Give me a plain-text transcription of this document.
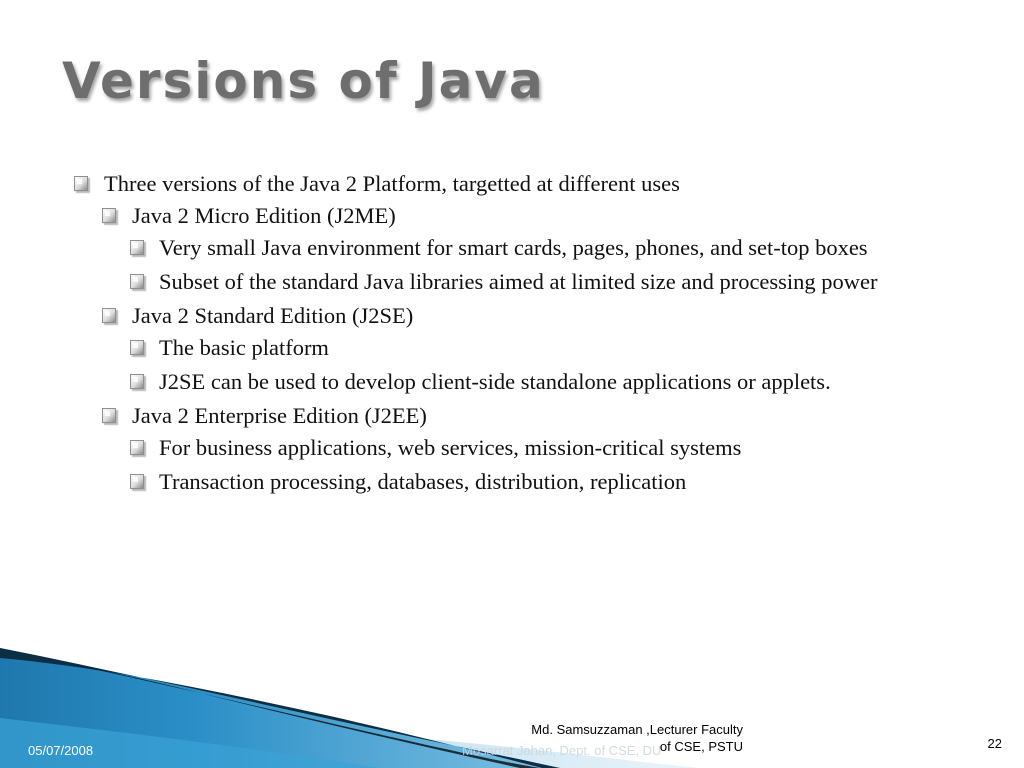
Versions of Java
Three versions of the Java 2 Platform, targetted at different uses
Java 2 Micro Edition (J2ME)
Very small Java environment for smart cards, pages, phones, and set-top boxes
Subset of the standard Java libraries aimed at limited size and processing power
Java 2 Standard Edition (J2SE)
The basic platform
J2SE can be used to develop client-side standalone applications or applets.
Java 2 Enterprise Edition (J2EE)
For business applications, web services, mission-critical systems
Transaction processing, databases, distribution, replication
05/07/2008	Mosarrat Jahan, Dept. of CSE, DU
Md. Samsuzzaman ,Lecturer Faculty
of CSE, PSTU	22
